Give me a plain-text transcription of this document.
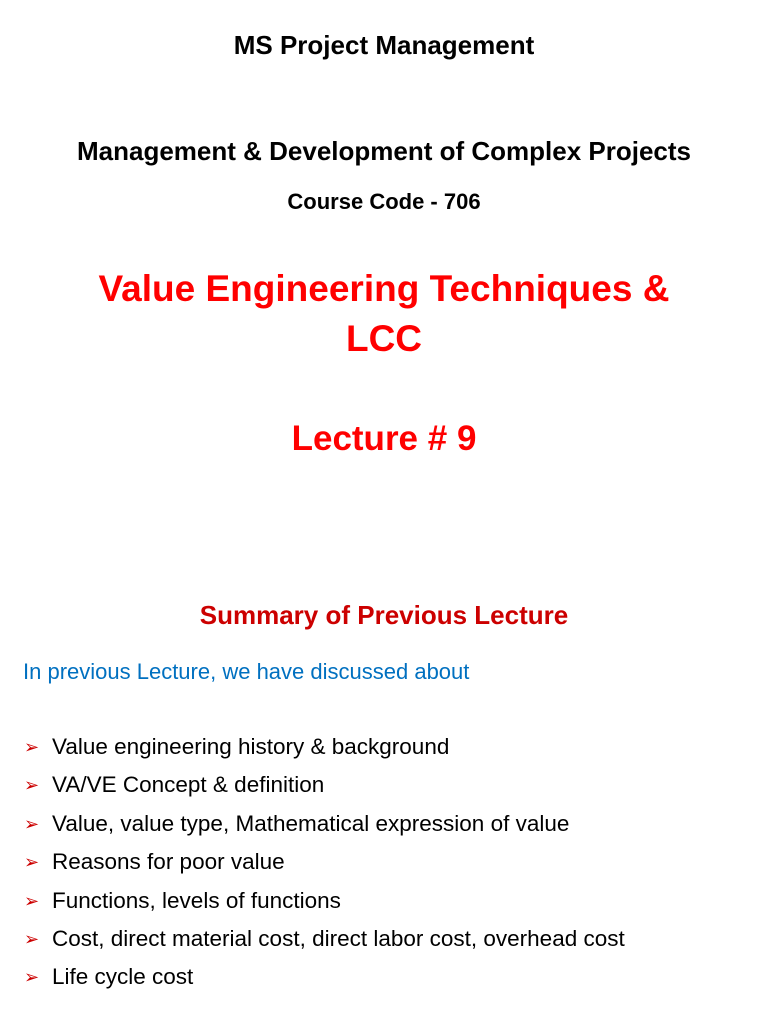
MS Project Management
Management & Development of Complex Projects
Course Code - 706
Value Engineering Techniques &
LCC
Lecture # 9
Summary of Previous Lecture
In previous Lecture, we have discussed about
➢ Value engineering history & background
➢ VA/VE Concept & definition
➢ Value, value type, Mathematical expression of value
➢ Reasons for poor value
➢ Functions, levels of functions
➢ Cost, direct material cost, direct labor cost, overhead cost
➢ Life cycle cost
